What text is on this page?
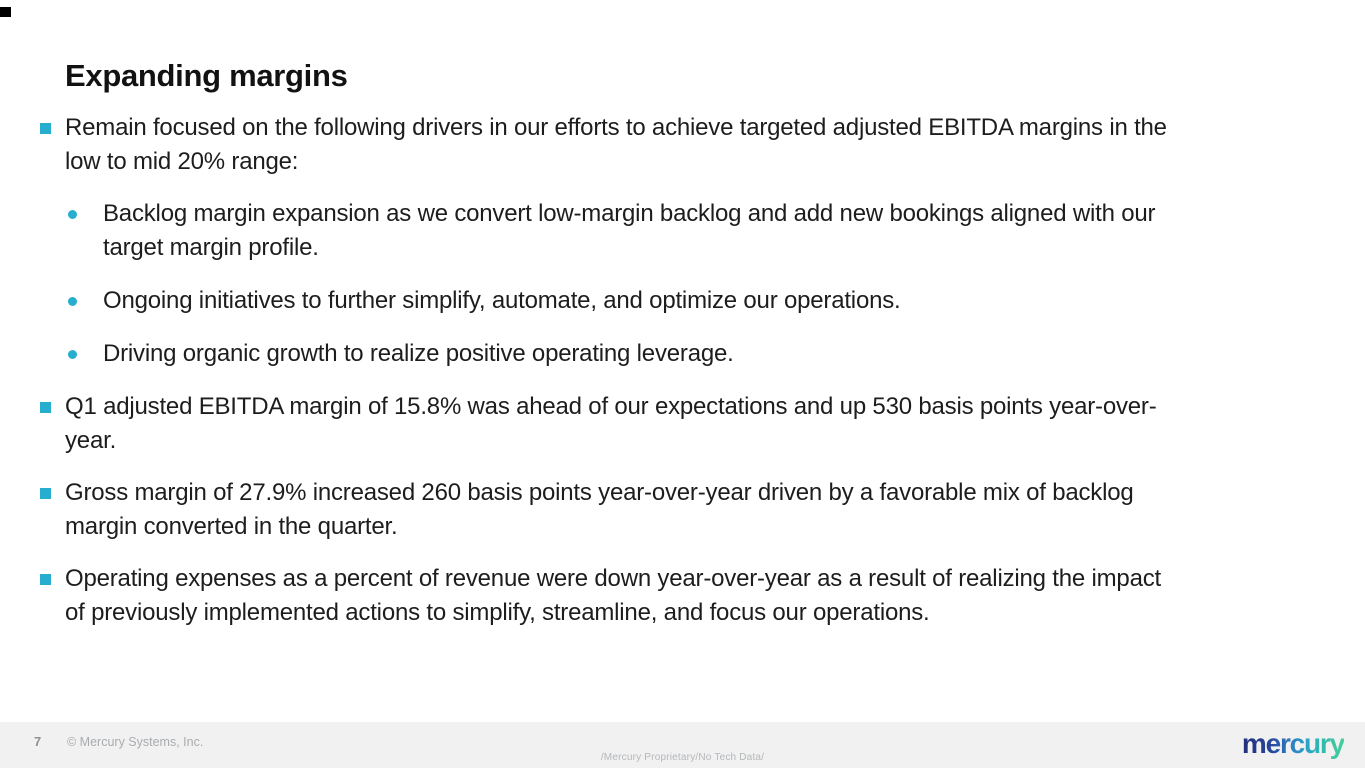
Expanding margins

Remain focused on the following drivers in our efforts to achieve targeted adjusted EBITDA margins in the low to mid 20% range:

Backlog margin expansion as we convert low-margin backlog and add new bookings aligned with our target margin profile.

Ongoing initiatives to further simplify, automate, and optimize our operations.

Driving organic growth to realize positive operating leverage.

Q1 adjusted EBITDA margin of 15.8% was ahead of our expectations and up 530 basis points year-over-year.

Gross margin of 27.9% increased 260 basis points year-over-year driven by a favorable mix of backlog margin converted in the quarter.

Operating expenses as a percent of revenue were down year-over-year as a result of realizing the impact of previously implemented actions to simplify, streamline, and focus our operations.

7 © Mercury Systems, Inc.
/Mercury Proprietary/No Tech Data/	mercury
